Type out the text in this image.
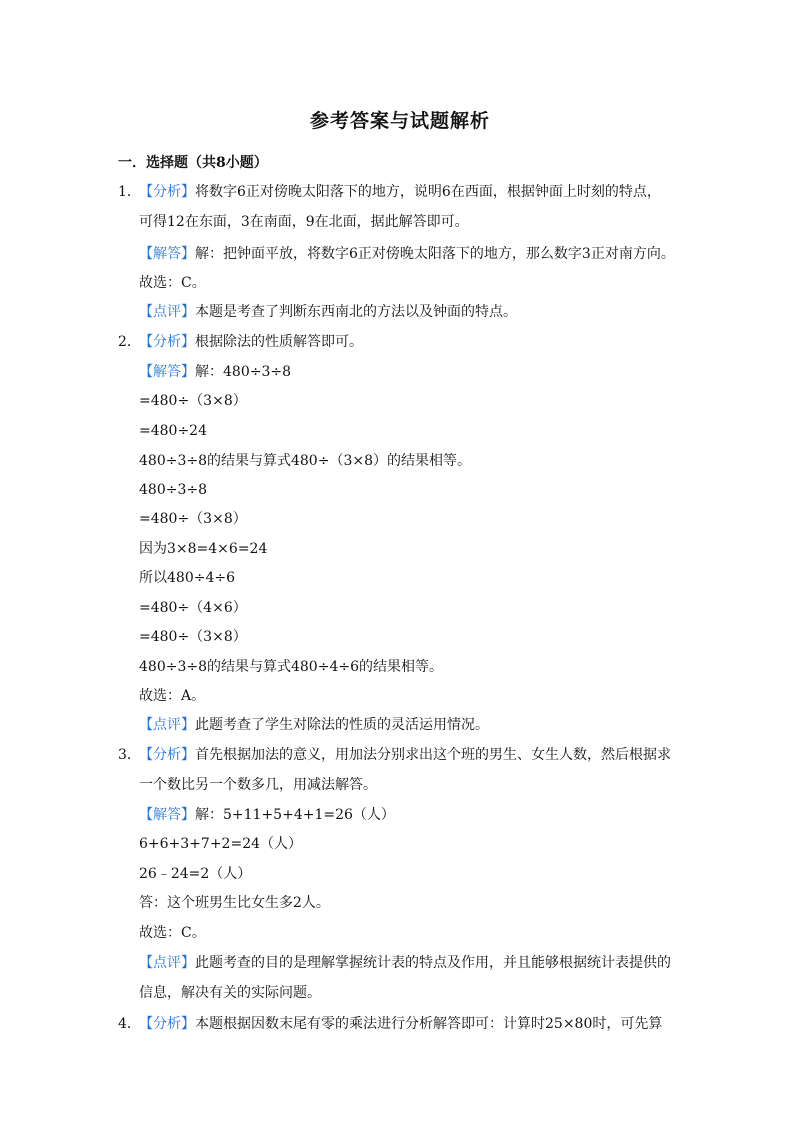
参考答案与试题解析
一．选择题（共8小题）
1．
【分析】将数字6正对傍晚太阳落下的地方，说明6在西面，根据钟面上时刻的特点，
可得12在东面，3在南面，9在北面，据此解答即可。
【解答】解：把钟面平放，将数字6正对傍晚太阳落下的地方，那么数字3正对南方向。
故选：C。
【点评】本题是考查了判断东西南北的方法以及钟面的特点。
2．
【分析】根据除法的性质解答即可。
【解答】解：480÷3÷8
=480÷（3×8）
=480÷24
480÷3÷8的结果与算式480÷（3×8）的结果相等。
480÷3÷8
=480÷（3×8）
因为3×8=4×6=24
所以480÷4÷6
=480÷（4×6）
=480÷（3×8）
480÷3÷8的结果与算式480÷4÷6的结果相等。
故选：A。
【点评】此题考查了学生对除法的性质的灵活运用情况。
3．
【分析】首先根据加法的意义，用加法分别求出这个班的男生、女生人数，然后根据求
一个数比另一个数多几，用减法解答。
【解答】解：5+11+5+4+1=26（人）
6+6+3+7+2=24（人）
26﹣24=2（人）
答：这个班男生比女生多2人。
故选：C。
【点评】此题考查的目的是理解掌握统计表的特点及作用，并且能够根据统计表提供的
信息，解决有关的实际问题。
4．
【分析】本题根据因数末尾有零的乘法进行分析解答即可：计算时25×80时，可先算
